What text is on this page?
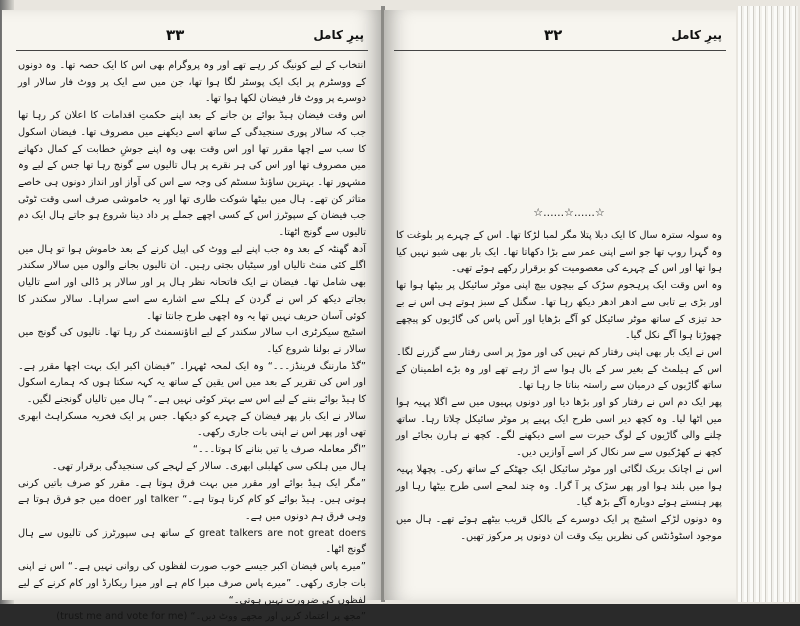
پیرِ کامل
۳۳

انتخاب کے لیے کونیگ کر رہے تھے اور وہ پروگرام بھی اس کا ایک حصہ تھا۔ وہ دونوں کے ووسٹرم پر ایک ایک پوسٹر لگا ہوا تھا، جن میں سے ایک پر ووٹ فار سالار اور دوسرے پر ووٹ فار فیضان لکھا ہوا تھا۔

اس وقت فیضان ہیڈ بوائے بن جانے کے بعد اپنے حکمتِ اقدامات کا اعلان کر رہا تھا جب کہ سالار پوری سنجیدگی کے ساتھ اسے دیکھنے میں مصروف تھا۔ فیضان اسکول کا سب سے اچھا مقرر تھا اور اس وقت بھی وہ اپنے جوشِ خطابت کے کمال دکھانے میں مصروف تھا اور اس کی ہر نقرے پر ہال تالیوں سے گونج رہا تھا جس کے لیے وہ مشہور تھا۔ بہترین ساؤنڈ سسٹم کی وجہ سے اس کی آواز اور انداز دونوں ہی خاصے متاثر کن تھے۔ ہال میں بیٹھا شوکت طاری تھا اور یہ خاموشی صرف اسی وقت ٹوٹی جب فیضان کے سپوٹرز اس کے کسی اچھے جملے پر داد دینا شروع ہو جاتے ہال ایک دم تالیوں سے گونج اٹھتا۔

آدھ گھنٹہ کے بعد وہ جب اپنے لیے ووٹ کی اپیل کرنے کے بعد خاموش ہوا تو ہال میں اگلے کئی منٹ تالیاں اور سیٹیاں بجتی رہیں۔ ان تالیوں بجانے والوں میں سالار سکندر بھی شامل تھا۔ فیضان نے ایک فاتحانہ نظر ہال پر اور سالار پر ڈالی اور اسے تالیاں بجاتے دیکھ کر اس نے گردن کے ہلکے سے اشارے سے اسے سراہا۔ سالار سکندر کا کوئی آسان حریف نہیں تھا یہ وہ اچھی طرح جانتا تھا۔

اسٹیج سیکرٹری اب سالار سکندر کے لیے اناؤنسمنٹ کر رہا تھا۔ تالیوں کی گونج میں سالار نے بولنا شروع کیا۔

”گڈ مارننگ فرینڈز۔۔۔“ وہ ایک لمحہ ٹھہرا۔ ”فیضان اکبر ایک بہت اچھا مقرر ہے۔ اور اس کی تقریر کے بعد میں اس یقین کے ساتھ یہ کہہ سکتا ہوں کہ ہمارے اسکول کا ہیڈ بوائے بننے کے لیے اس سے بہتر کوئی نہیں ہے۔“ ہال میں تالیاں گونجنے لگیں۔

سالار نے ایک بار پھر فیضان کے چہرے کو دیکھا۔ جس پر ایک فخریہ مسکراہٹ ابھری تھی اور پھر اس نے اپنی بات جاری رکھی۔

”اگر معاملہ صرف یا تیں بنانے کا ہوتا۔۔۔“

ہال میں ہلکی سی کھلبلی ابھری۔ سالار کے لہجے کی سنجیدگی برقرار تھی۔

”مگر ایک ہیڈ بوائے اور مقرر میں بہت فرق ہوتا ہے۔ مقرر کو صرف باتیں کرنی ہوتی ہیں۔ ہیڈ بوائے کو کام کرنا ہوتا ہے۔“ talker اور doer میں جو فرق ہوتا ہے وہی فرق ہم دونوں میں ہے۔

great talkers are not great doers کے ساتھ ہی سپورٹرز کی تالیوں سے ہال گونج اٹھا۔

”میرے پاس فیضان اکبر جیسے خوب صورت لفظوں کی روانی نہیں ہے۔“ اس نے اپنی بات جاری رکھی۔ ”میرے پاس صرف میرا کام ہے اور میرا ریکارڈ اور کام کرنے کے لیے لفظوں کی ضرورت نہیں ہوتی۔“

”مجھ پر اعتماد کریں اور مجھے ووٹ دیں۔“ (trust me and vote for me)

پیرِ کامل
۳۲
☆......☆......☆

وہ سولہ سترہ سال کا ایک دبلا پتلا مگر لمبا لڑکا تھا۔ اس کے چہرے پر بلوغت کا وہ گہرا روپ تھا جو اسے اپنی عمر سے بڑا دکھاتا تھا۔ ایک بار بھی شیو نہیں کیا ہوا تھا اور اس کے چہرے کی معصومیت کو برقرار رکھے ہوئے تھی۔

وہ اس وقت ایک پرہجوم سڑک کے بیچوں بیچ اپنی موٹر سائیکل پر بیٹھا ہوا تھا اور بڑی بے تابی سے ادھر ادھر دیکھ رہا تھا۔ سگنل کے سبز ہوتے ہی اس نے بے حد تیزی کے ساتھ موٹر سائیکل کو آگے بڑھایا اور آس پاس کی گاڑیوں کو پیچھے چھوڑتا ہوا آگے نکل گیا۔

اس نے ایک بار بھی اپنی رفتار کم نہیں کی اور موڑ پر اسی رفتار سے گزرنے لگا۔ اس کے ہیلمٹ کے بغیر سر کے بال ہوا سے اڑ رہے تھے اور وہ بڑے اطمینان کے ساتھ گاڑیوں کے درمیان سے راستہ بناتا جا رہا تھا۔

پھر ایک دم اس نے رفتار کو اور بڑھا دیا اور دونوں پہیوں میں سے اگلا پہیہ ہوا میں اٹھا لیا۔ وہ کچھ دیر اسی طرح ایک پہیے پر موٹر سائیکل چلاتا رہا۔ ساتھ چلنے والی گاڑیوں کے لوگ حیرت سے اسے دیکھنے لگے۔ کچھ نے ہارن بجائے اور کچھ نے کھڑکیوں سے سر نکال کر اسے آوازیں دیں۔

اس نے اچانک بریک لگائی اور موٹر سائیکل ایک جھٹکے کے ساتھ رکی۔ پچھلا پہیہ ہوا میں بلند ہوا اور پھر سڑک پر آ گرا۔ وہ چند لمحے اسی طرح بیٹھا رہا اور پھر ہنستے ہوئے دوبارہ آگے بڑھ گیا۔

وہ دونوں لڑکے اسٹیج پر ایک دوسرے کے بالکل قریب بیٹھے ہوئے تھے۔ ہال میں موجود اسٹوڈنٹس کی نظریں بیک وقت ان دونوں پر مرکوز تھیں۔
